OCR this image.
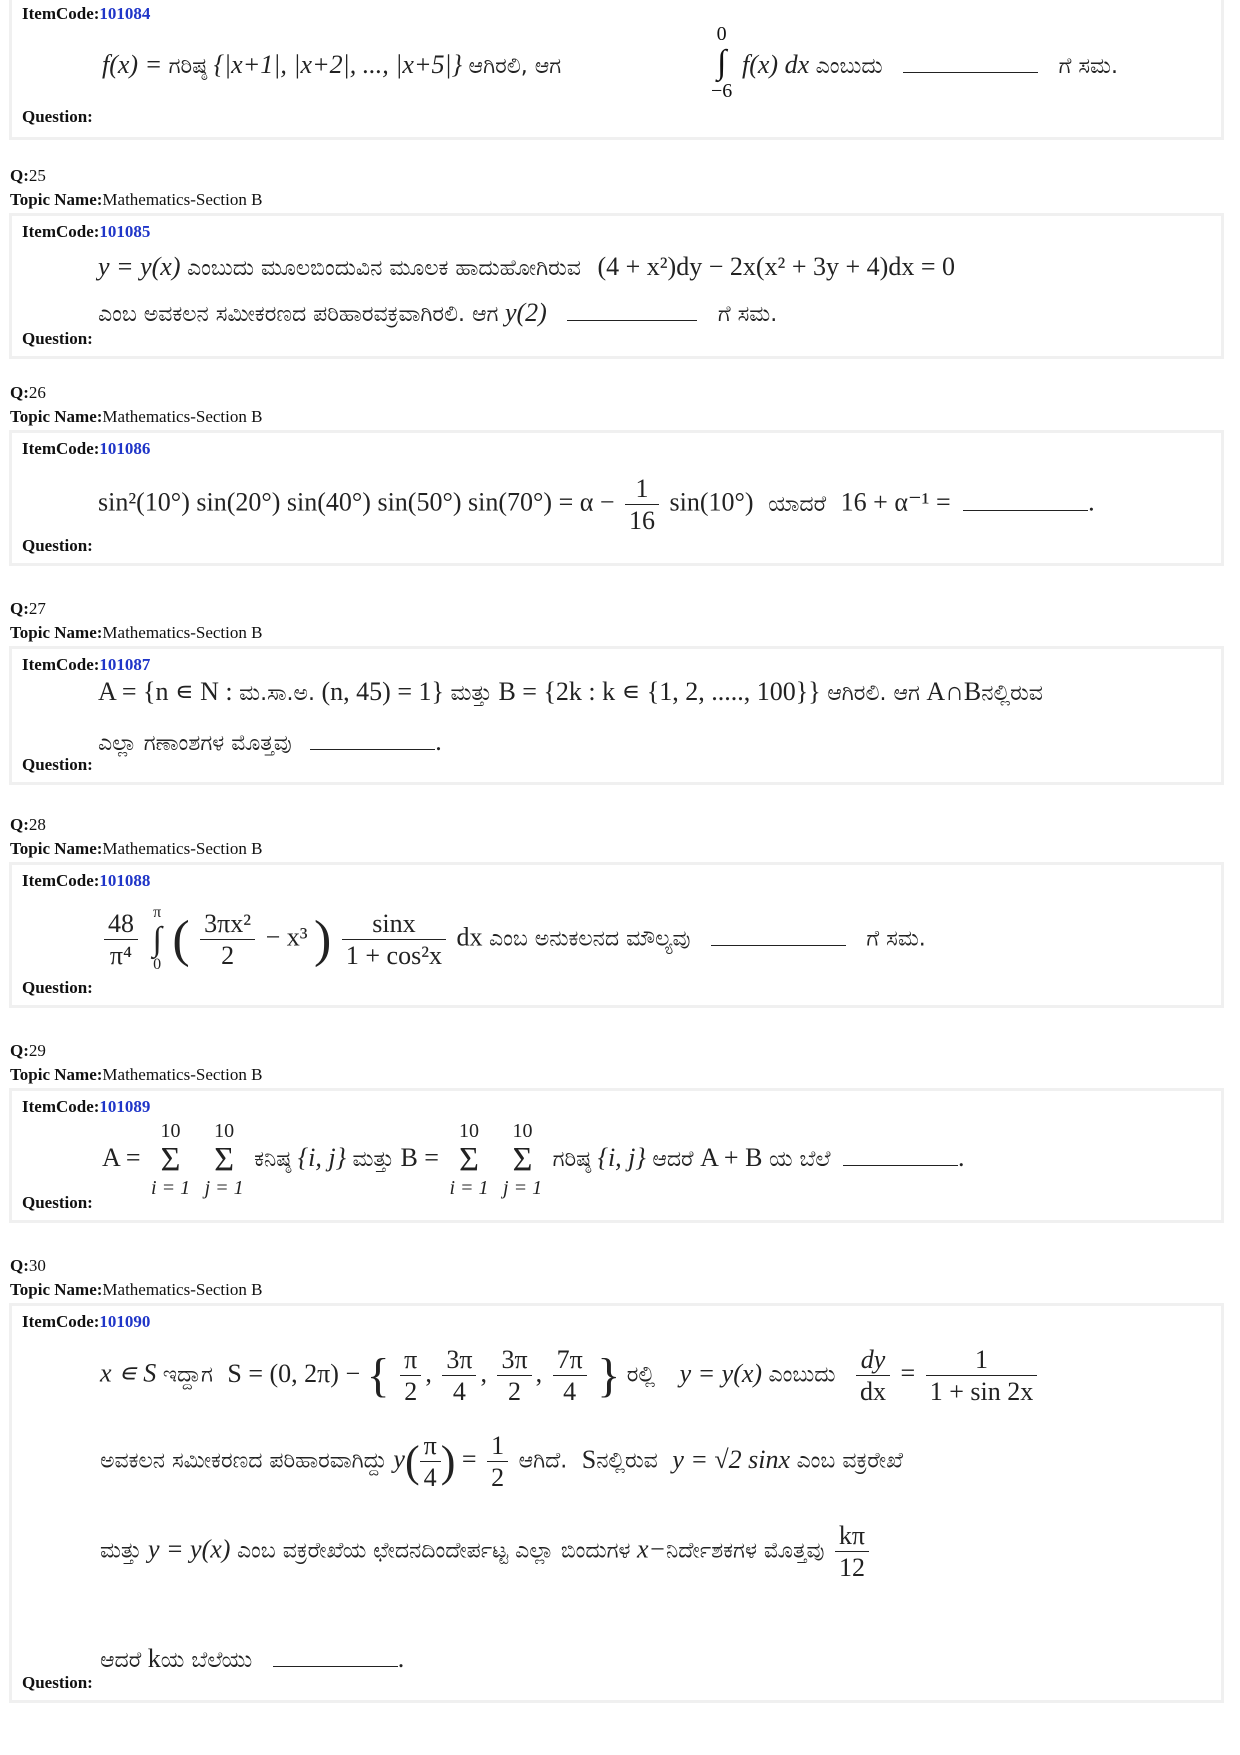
ItemCode:101084
f(x) = ಗರಿಷ್ಠ {|x+1|, |x+2|, ..., |x+5|} ಆಗಿರಲಿ, ಆಗ
0
∫
−6
f(x) dx ಎಂಬುದು	ಗೆ ಸಮ.
Question:
Q:25
Topic Name:Mathematics-Section B
ItemCode:101085
y = y(x) ಎಂಬುದು ಮೂಲಬಿಂದುವಿನ ಮೂಲಕ ಹಾದುಹೋಗಿರುವ (4 + x²)dy − 2x(x² + 3y + 4)dx = 0
ಎಂಬ ಅವಕಲನ ಸಮೀಕರಣದ ಪರಿಹಾರವಕ್ರವಾಗಿರಲಿ. ಆಗ y(2)	ಗೆ ಸಮ.
Question:
Q:26
Topic Name:Mathematics-Section B
ItemCode:101086
sin²(10°) sin(20°) sin(40°) sin(50°) $\sin(70^\circ) = \alpha - \frac{1}{16} \sin(10^\circ)$ ಯಾದರೆ 16 + α⁻¹ =	.
Question:
Q:27
Topic Name:Mathematics-Section B
ItemCode:101087
A = {n ∊ N : ಮ.ಸಾ.ಅ. (n, 45) = 1} ಮತ್ತು B = {2k : k ∊ {1, 2, ....., 100}} ಆಗಿರಲಿ. ಆಗ A∩Bನಲ್ಲಿರುವ
ಎಲ್ಲಾ ಗಣಾಂಶಗಳ ಮೊತ್ತವು	.
Question:
Q:28
Topic Name:Mathematics-Section B
ItemCode:101088
$\frac{48}{\text{π⁴}}$
π
∫
0 ( $\frac{\text{3πx²}}{2} - x^3$ ) $\frac{\sin x}{\text{1 + cos²x}}$ dx ಎಂಬ ಅನುಕಲನದ ಮೌಲ್ಯವು	ಗೆ ಸಮ.
Question:
Q:29
Topic Name:Mathematics-Section B
ItemCode:101089
A =
10
Σ
i = 1

10
Σ
j = 1
ಕನಿಷ್ಠ {i, j} ಮತ್ತು B =
10
Σ
i = 1

10
Σ
j = 1
ಗರಿಷ್ಠ {i, j} ಆದರೆ A + B ಯ ಬೆಲೆ	.
Question:
Q:30
Topic Name:Mathematics-Section B
ItemCode:101090
x ∊ S ಇದ್ದಾಗ S = (0, 2π) − { $\frac{\pi}{2}$ , $\frac{3\pi}{4}$ , $\frac{3\pi}{2}$ , $\frac{7\pi}{4}$ } ರಲ್ಲಿ y = y(x) ಎಂಬುದು $\frac{dy}{dx} = \frac{1}{1 + \sin 2x}$
ಅವಕಲನ ಸಮೀಕರಣದ ಪರಿಹಾರವಾಗಿದ್ದು $y( \frac{\pi}{4}$ ) = $\frac{1}{2}$ ಆಗಿದೆ. Sನಲ್ಲಿರುವ y = √2 sinx ಎಂಬ ವಕ್ರರೇಖೆ
ಮತ್ತು y = y(x) ಎಂಬ ವಕ್ರರೇಖೆಯ ಛೇದನದಿಂದೇರ್ಪಟ್ಟ ಎಲ್ಲಾ ಬಿಂದುಗಳ x−ನಿರ್ದೇಶಕಗಳ ಮೊತ್ತವು $\frac{k\pi}{12}$
ಆದರೆ kಯ ಬೆಲೆಯು	.
Question:
